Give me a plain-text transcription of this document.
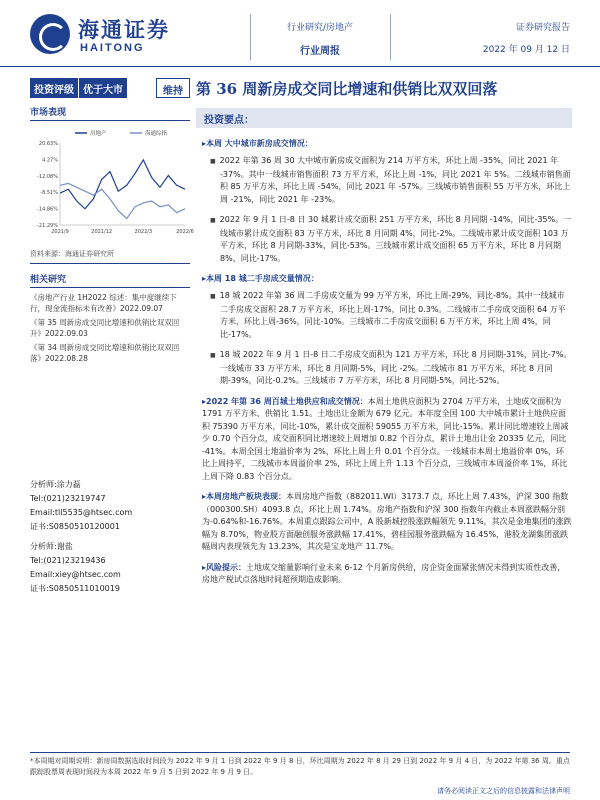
海通证券
HAITONG
行业研究/房地产
行业周报
证券研究报告
2022 年 09 月 12 日
投资评级 优于大市	维持 第 36 周新房成交同比增速和供销比双双回落
市场表现
20.63%
4.27%
-12.08%
-8.51%
-14.86%
-21.29%
2021/9	2021/12	2022/3	2022/6
房地产	海通综指
资料来源：海通证券研究所
相关研究
《房地产行业 1H2022 综述：集中度继续下行，现金流指标未有改善》2022.09.07
《第 35 周新房成交同比增速和供销比双双回升》2022.09.03
《第 34 周新房成交同比增速和供销比双双回落》2022.08.28
分析师:涂力磊
Tel:(021)23219747
Email:tll5535@htsec.com
证书:S0850510120001
分析师:谢盐
Tel:(021)23219436
Email:xiey@htsec.com
证书:S0850511010019
投资要点：
▸ 本周 大中城市新房成交情况：
■ 2022 年第 36 周 30 大中城市新房成交面积为 214 万平方米，环比上周 -35%，同比 2021 年 -37%。其中一线城市销售面积 73 万平方米，环比上周 -1%，同比 2021 年 5%。二线城市销售面积 85 万平方米，环比上周 -54%，同比 2021 年 -57%。三线城市销售面积 55 万平方米，环比上周 -21%，同比 2021 年 -23%。
■ 2022 年 9 月 1 日-8 日 30 城累计成交面积 251 万平方米，环比 8 月同期 -14%，同比-35%。一线城市累计成交面积 83 万平方米，环比 8 月同期 4%，同比-2%。二线城市累计成交面积 103 万平方米，环比 8 月同期-33%，同比-53%。三线城市累计成交面积 65 万平方米，环比 8 月同期 8%，同比-17%。
▸ 本周 18 城二手房成交量情况：
■ 18 城 2022 年第 36 周二手房成交量为 99 万平方米，环比上周-29%，同比-8%。其中一线城市二手房成交面积 28.7 万平方米，环比上周-17%，同比 0.3%。二线城市二手房成交面积 64 万平方米，环比上周-36%，同比-10%。三线城市二手房成交面积 6 万平方米，环比上周 4%，同比-17%。
■ 18 城 2022 年 9 月 1 日-8 日二手房成交面积为 121 万平方米，环比 8 月同期-31%，同比-7%。一线城市 33 万平方米，环比 8 月同期-5%，同比 -2%。二线城市 81 万平方米，环比 8 月同期-39%，同比-0.2%。三线城市 7 万平方米，环比 8 月同期-5%，同比-52%。
▸ 2022 年第 36 周百城土地供应和成交情况：本周土地供应面积为 2704 万平方米，土地成交面积为 1791 万平方米，供销比 1.51。土地出让金额为 679 亿元。本年度全国 100 大中城市累计土地供应面积 75390 万平方米，同比-10%，累计成交面积 59055 万平方米，同比-15%。累计同比增速较上周减少 0.70 个百分点，成交面积同比增速较上周增加 0.82 个百分点，累计土地出让金 20335 亿元，同比 -41%。本周全国土地溢价率为 2%，环比上周上升 0.01 个百分点。一线城市本周土地溢价率 0%，环比上周持平，二线城市本周溢价率 2%，环比上周上升 1.13 个百分点，三线城市本周溢价率 1%，环比上周下降 0.83 个百分点。
▸ 本周房地产板块表现：本周房地产指数（882011.WI）3173.7 点，环比上周 7.43%，沪深 300 指数（000300.SH）4093.8 点，环比上周 1.74%。房地产指数和沪深 300 指数年内截止本周涨跌幅分别为-0.64%和-16.76%。本周重点跟踪公司中，A 股新城控股涨跌幅领先 9.11%，其次是金地集团的涨跌幅为 8.70%，物业股方面融创服务涨跌幅 17.41%，碧桂园服务涨跌幅为 16.45%，港股龙湖集团涨跌幅周内表现领先为 13.23%，其次是宝龙地产 11.7%。
▸ 风险提示：土地成交缩量影响行业未来 6-12 个月新房供给，房企资金面紧张情况未得到实质性改善，房地产税试点落地时间超预期造成影响。
*本周期对周期说明：新房周数据选取时间段为 2022 年 9 月 1 日到 2022 年 9 月 8 日，环比周期为 2022 年 8 月 29 日到 2022 年 9 月 4 日，为 2022 年第 36 周。重点跟踪股票周表现时间段为本周 2022 年 9 月 5 日到 2022 年 9 月 9 日。
请务必阅读正文之后的信息披露和法律声明
